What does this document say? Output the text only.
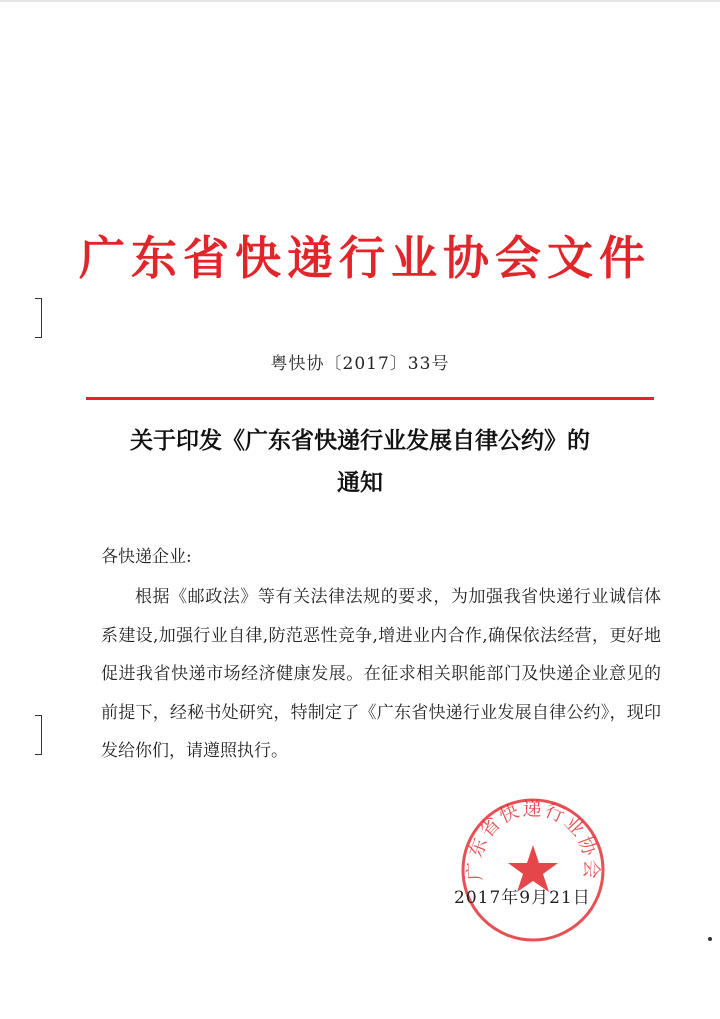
广东省快递行业协会文件
粤快协〔2017〕33号
关于印发《广东省快递行业发展自律公约》的
通知
各快递企业:
根据《邮政法》等有关法律法规的要求，为加强我省快递行业诚信体系建设,加强行业自律,防范恶性竞争,增进业内合作,确保依法经营，更好地促进我省快递市场经济健康发展。在征求相关职能部门及快递企业意见的前提下，经秘书处研究，特制定了《广东省快递行业发展自律公约》，现印发给你们，请遵照执行。
广东省快递行业协会
2017年9月21日
